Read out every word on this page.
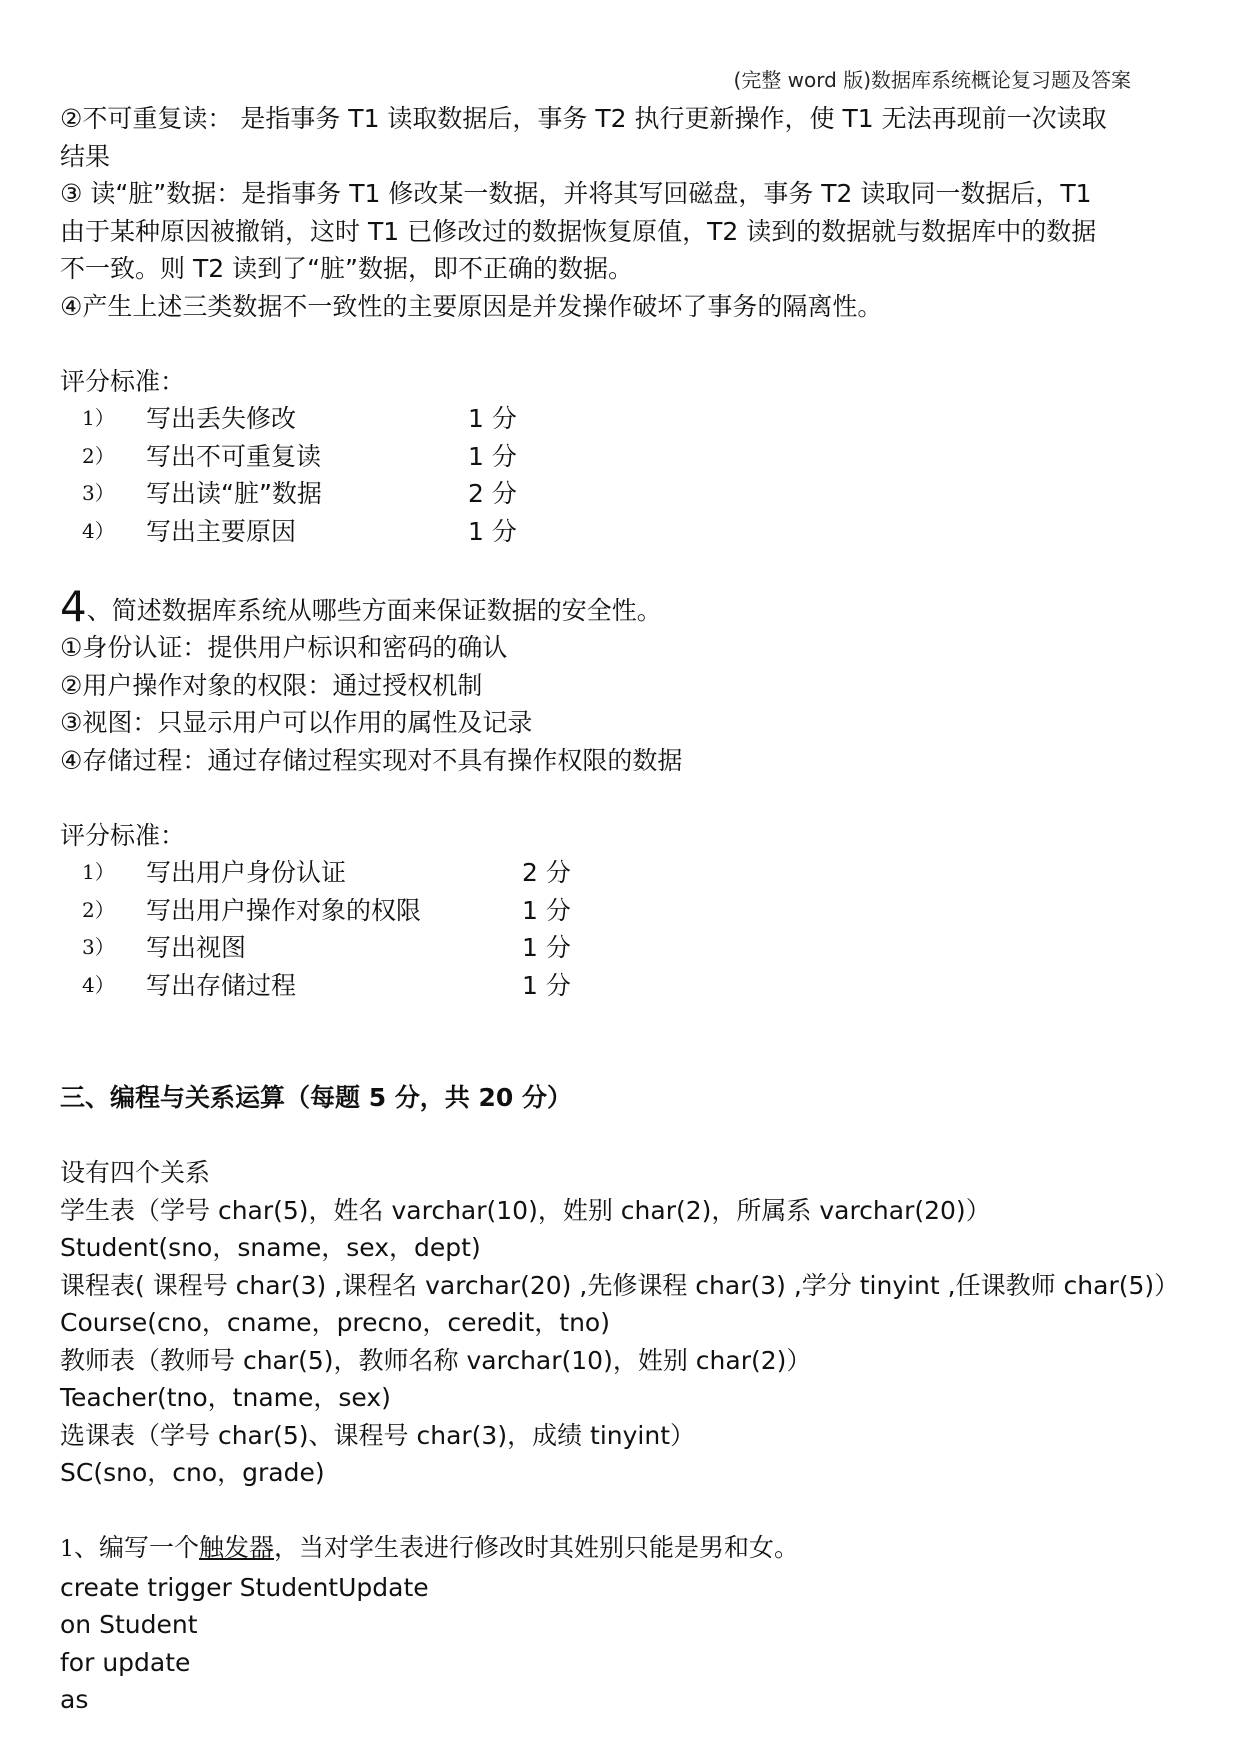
(完整 word 版)数据库系统概论复习题及答案

②不可重复读： 是指事务 T1 读取数据后，事务 T2 执行更新操作，使 T1 无法再现前一次读取

结果

③ 读“脏”数据：是指事务 T1 修改某一数据，并将其写回磁盘，事务 T2 读取同一数据后，T1

由于某种原因被撤销，这时 T1 已修改过的数据恢复原值，T2 读到的数据就与数据库中的数据

不一致。则 T2 读到了“脏”数据，即不正确的数据。

④产生上述三类数据不一致性的主要原因是并发操作破坏了事务的隔离性。

评分标准：

1）	写出丢失修改	1 分
2）	写出不可重复读	1 分
3）	写出读“脏”数据	2 分
4）	写出主要原因	1 分

4、简述数据库系统从哪些方面来保证数据的安全性。

①身份认证：提供用户标识和密码的确认

②用户操作对象的权限：通过授权机制

③视图：只显示用户可以作用的属性及记录

④存储过程：通过存储过程实现对不具有操作权限的数据

评分标准：

1）	写出用户身份认证	2 分
2）	写出用户操作对象的权限	1 分
3）	写出视图	1 分
4）	写出存储过程	1 分

三、编程与关系运算（每题 5 分，共 20 分）

设有四个关系

学生表（学号 char(5)，姓名 varchar(10)，姓别 char(2)，所属系 varchar(20)）

Student(sno，sname，sex，dept)

课程表( 课程号 char(3) ,课程名 varchar(20) ,先修课程 char(3) ,学分 tinyint ,任课教师 char(5)）

Course(cno，cname，precno，ceredit，tno)

教师表（教师号 char(5)，教师名称 varchar(10)，姓别 char(2)）

Teacher(tno，tname，sex)

选课表（学号 char(5)、课程号 char(3)，成绩 tinyint）

SC(sno，cno，grade)

1、编写一个触发器，当对学生表进行修改时其姓别只能是男和女。

create trigger StudentUpdate

on Student

for update

as
